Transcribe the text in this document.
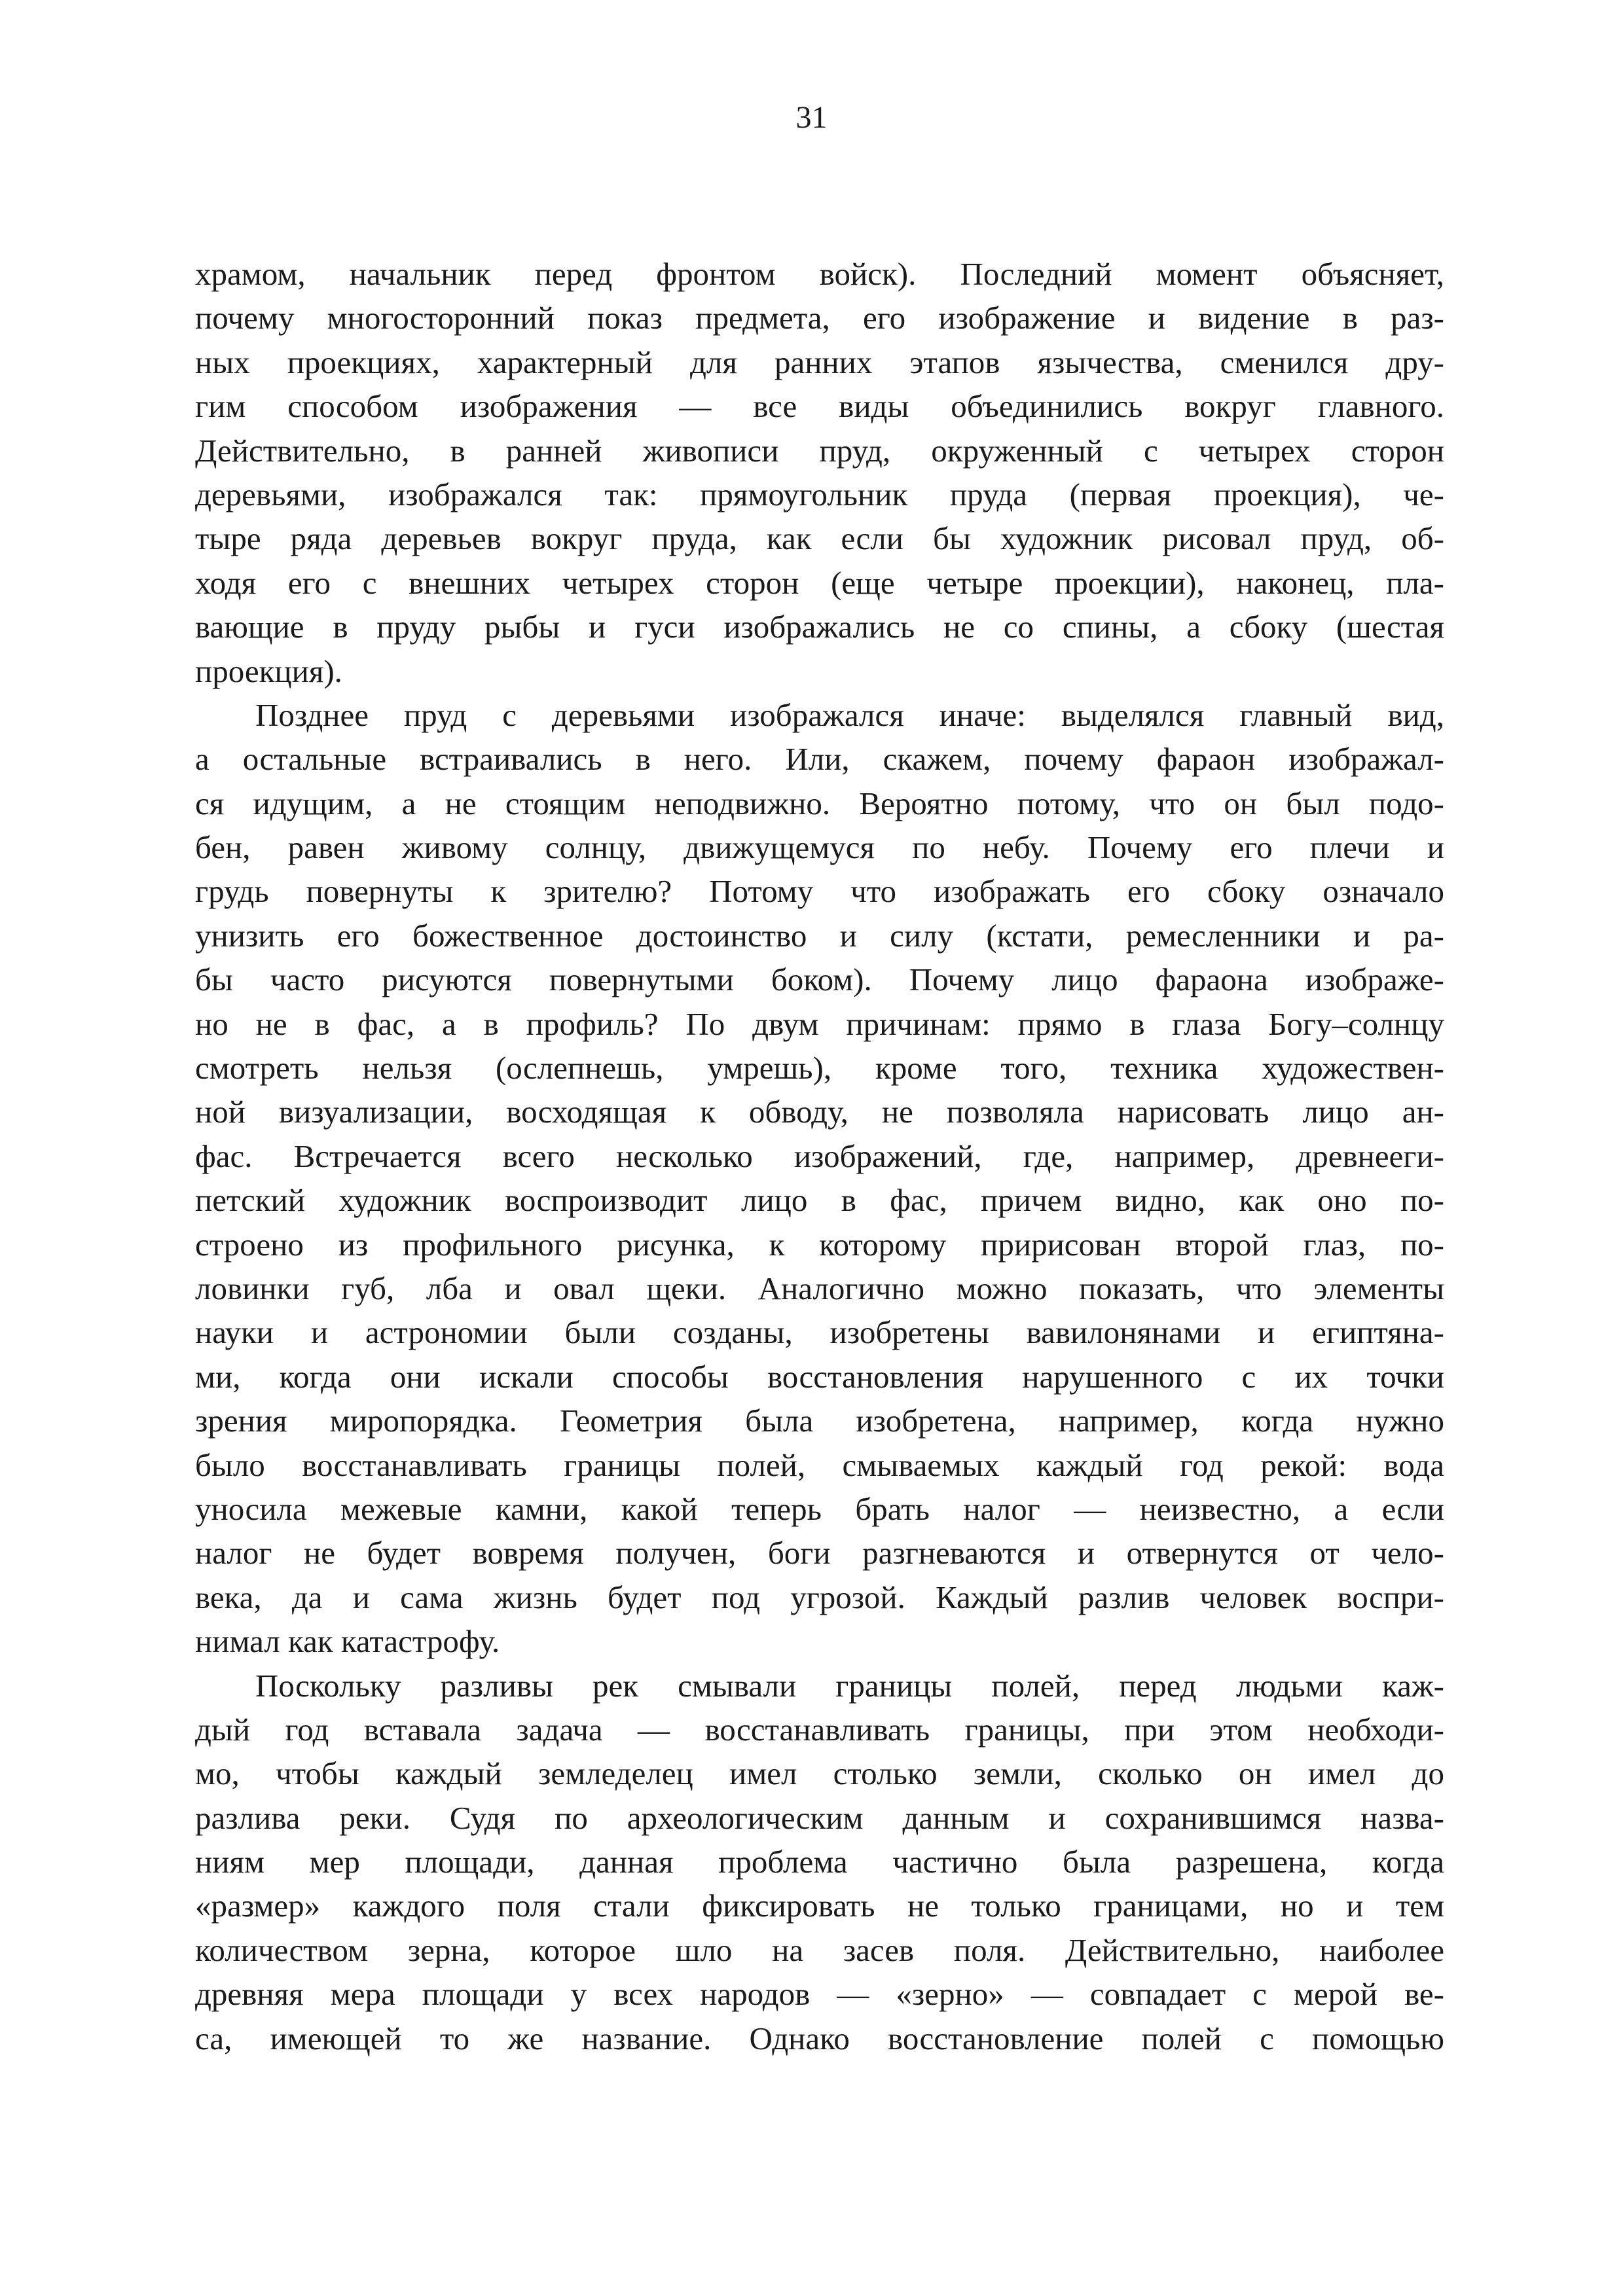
31

храмом, начальник перед фронтом войск). Последний момент объясняет,
почему многосторонний показ предмета, его изображение и видение в раз-
ных проекциях, характерный для ранних этапов язычества, сменился дру-
гим способом изображения — все виды объединились вокруг главного.
Действительно, в ранней живописи пруд, окруженный с четырех сторон
деревьями, изображался так: прямоугольник пруда (первая проекция), че-
тыре ряда деревьев вокруг пруда, как если бы художник рисовал пруд, об-
ходя его с внешних четырех сторон (еще четыре проекции), наконец, пла-
вающие в пруду рыбы и гуси изображались не со спины, а сбоку (шестая
проекция).

Позднее пруд с деревьями изображался иначе: выделялся главный вид,
а остальные встраивались в него. Или, скажем, почему фараон изображал-
ся идущим, а не стоящим неподвижно. Вероятно потому, что он был подо-
бен, равен живому солнцу, движущемуся по небу. Почему его плечи и
грудь повернуты к зрителю? Потому что изображать его сбоку означало
унизить его божественное достоинство и силу (кстати, ремесленники и ра-
бы часто рисуются повернутыми боком). Почему лицо фараона изображе-
но не в фас, а в профиль? По двум причинам: прямо в глаза Богу–солнцу
смотреть нельзя (ослепнешь, умрешь), кроме того, техника художествен-
ной визуализации, восходящая к обводу, не позволяла нарисовать лицо ан-
фас. Встречается всего несколько изображений, где, например, древнееги-
петский художник воспроизводит лицо в фас, причем видно, как оно по-
строено из профильного рисунка, к которому пририсован второй глаз, по-
ловинки губ, лба и овал щеки. Аналогично можно показать, что элементы
науки и астрономии были созданы, изобретены вавилонянами и египтяна-
ми, когда они искали способы восстановления нарушенного с их точки
зрения миропорядка. Геометрия была изобретена, например, когда нужно
было восстанавливать границы полей, смываемых каждый год рекой: вода
уносила межевые камни, какой теперь брать налог — неизвестно, а если
налог не будет вовремя получен, боги разгневаются и отвернутся от чело-
века, да и сама жизнь будет под угрозой. Каждый разлив человек воспри-
нимал как катастрофу.

Поскольку разливы рек смывали границы полей, перед людьми каж-
дый год вставала задача — восстанавливать границы, при этом необходи-
мо, чтобы каждый земледелец имел столько земли, сколько он имел до
разлива реки. Судя по археологическим данным и сохранившимся назва-
ниям мер площади, данная проблема частично была разрешена, когда
«размер» каждого поля стали фиксировать не только границами, но и тем
количеством зерна, которое шло на засев поля. Действительно, наиболее
древняя мера площади у всех народов — «зерно» — совпадает с мерой ве-
са, имеющей то же название. Однако восстановление полей с помощью
